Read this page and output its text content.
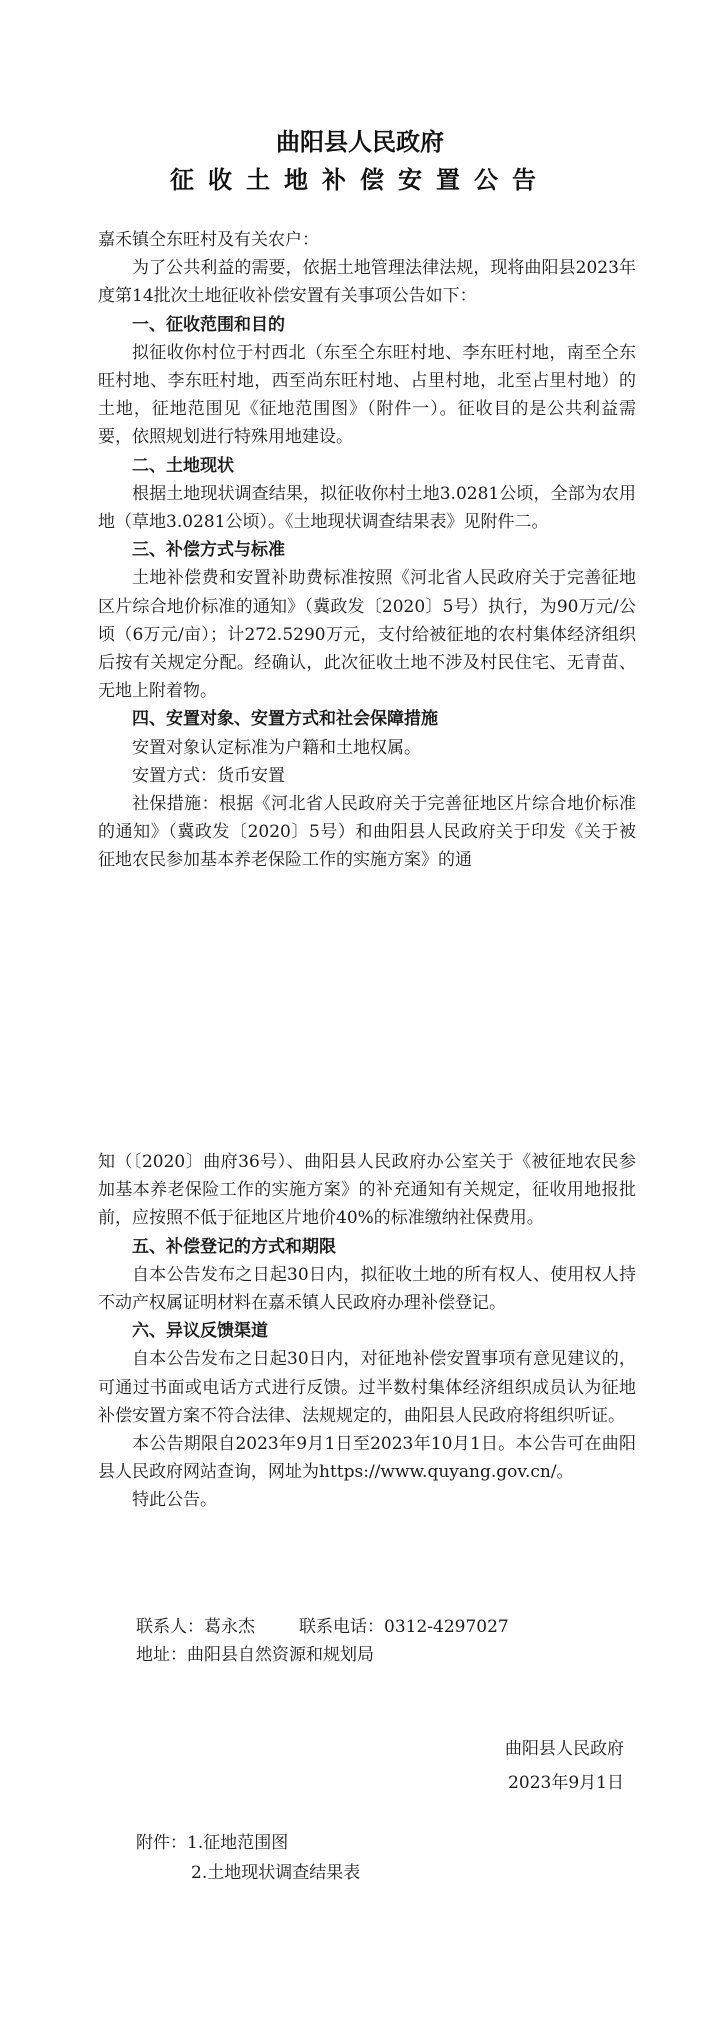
曲阳县人民政府
征收土地补偿安置公告

嘉禾镇仝东旺村及有关农户：

为了公共利益的需要，依据土地管理法律法规，现将曲阳县2023年度第14批次土地征收补偿安置有关事项公告如下：

一、征收范围和目的

拟征收你村位于村西北（东至仝东旺村地、李东旺村地，南至仝东旺村地、李东旺村地，西至尚东旺村地、占里村地，北至占里村地）的土地，征地范围见《征地范围图》（附件一）。征收目的是公共利益需要，依照规划进行特殊用地建设。

二、土地现状

根据土地现状调查结果，拟征收你村土地3.0281公顷，全部为农用地（草地3.0281公顷）。《土地现状调查结果表》见附件二。

三、补偿方式与标准

土地补偿费和安置补助费标准按照《河北省人民政府关于完善征地区片综合地价标准的通知》（冀政发〔2020〕5号）执行，为90万元/公顷（6万元/亩）；计272.5290万元，支付给被征地的农村集体经济组织后按有关规定分配。经确认，此次征收土地不涉及村民住宅、无青苗、无地上附着物。

四、安置对象、安置方式和社会保障措施

安置对象认定标准为户籍和土地权属。

安置方式：货币安置

社保措施：根据《河北省人民政府关于完善征地区片综合地价标准的通知》（冀政发〔2020〕5号）和曲阳县人民政府关于印发《关于被征地农民参加基本养老保险工作的实施方案》的通

知（〔2020〕曲府36号）、曲阳县人民政府办公室关于《被征地农民参加基本养老保险工作的实施方案》的补充通知有关规定，征收用地报批前，应按照不低于征地区片地价40%的标准缴纳社保费用。

五、补偿登记的方式和期限

自本公告发布之日起30日内，拟征收土地的所有权人、使用权人持不动产权属证明材料在嘉禾镇人民政府办理补偿登记。

六、异议反馈渠道

自本公告发布之日起30日内，对征地补偿安置事项有意见建议的，可通过书面或电话方式进行反馈。过半数村集体经济组织成员认为征地补偿安置方案不符合法律、法规规定的，曲阳县人民政府将组织听证。

本公告期限自2023年9月1日至2023年10月1日。本公告可在曲阳县人民政府网站查询，网址为https://www.quyang.gov.cn/。

特此公告。

联系人：葛永杰	联系电话：0312-4297027
地址：曲阳县自然资源和规划局
曲阳县人民政府
2023年9月1日
附件：1.征地范围图
2.土地现状调查结果表
